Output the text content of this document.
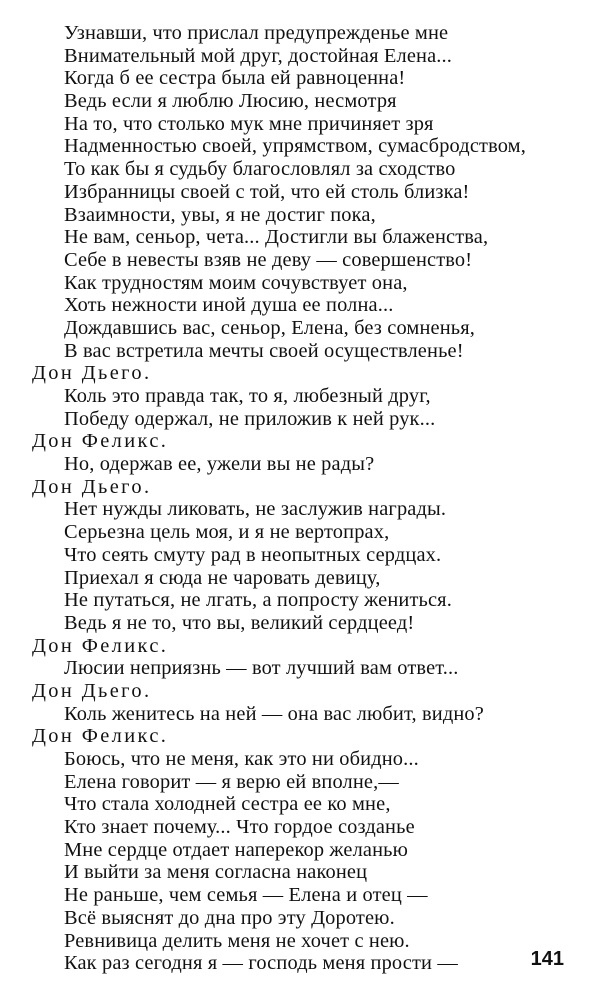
Узнавши, что прислал предупрежденье мне
Внимательный мой друг, достойная Елена...
Когда б ее сестра была ей равноценна!
Ведь если я люблю Люсию, несмотря
На то, что столько мук мне причиняет зря
Надменностью своей, упрямством, сумасбродством,
То как бы я судьбу благословлял за сходство
Избранницы своей с той, что ей столь близка!
Взаимности, увы, я не достиг пока,
Не вам, сеньор, чета... Достигли вы блаженства,
Себе в невесты взяв не деву — совершенство!
Как трудностям моим сочувствует она,
Хоть нежности иной душа ее полна...
Дождавшись вас, сеньор, Елена, без сомненья,
В вас встретила мечты своей осуществленье!
Дон Дьего.
Коль это правда так, то я, любезный друг,
Победу одержал, не приложив к ней рук...
Дон Феликс.
Но, одержав ее, ужели вы не рады?
Дон Дьего.
Нет нужды ликовать, не заслужив награды.
Серьезна цель моя, и я не вертопрах,
Что сеять смуту рад в неопытных сердцах.
Приехал я сюда не чаровать девицу,
Не путаться, не лгать, а попросту жениться.
Ведь я не то, что вы, великий сердцеед!
Дон Феликс.
Люсии неприязнь — вот лучший вам ответ...
Дон Дьего.
Коль женитесь на ней — она вас любит, видно?
Дон Феликс.
Боюсь, что не меня, как это ни обидно...
Елена говорит — я верю ей вполне,—
Что стала холодней сестра ее ко мне,
Кто знает почему... Что гордое созданье
Мне сердце отдает наперекор желанью
И выйти за меня согласна наконец
Не раньше, чем семья — Елена и отец —
Всё выяснят до дна про эту Доротею.
Ревнивица делить меня не хочет с нею.
Как раз сегодня я — господь меня прости —	141
